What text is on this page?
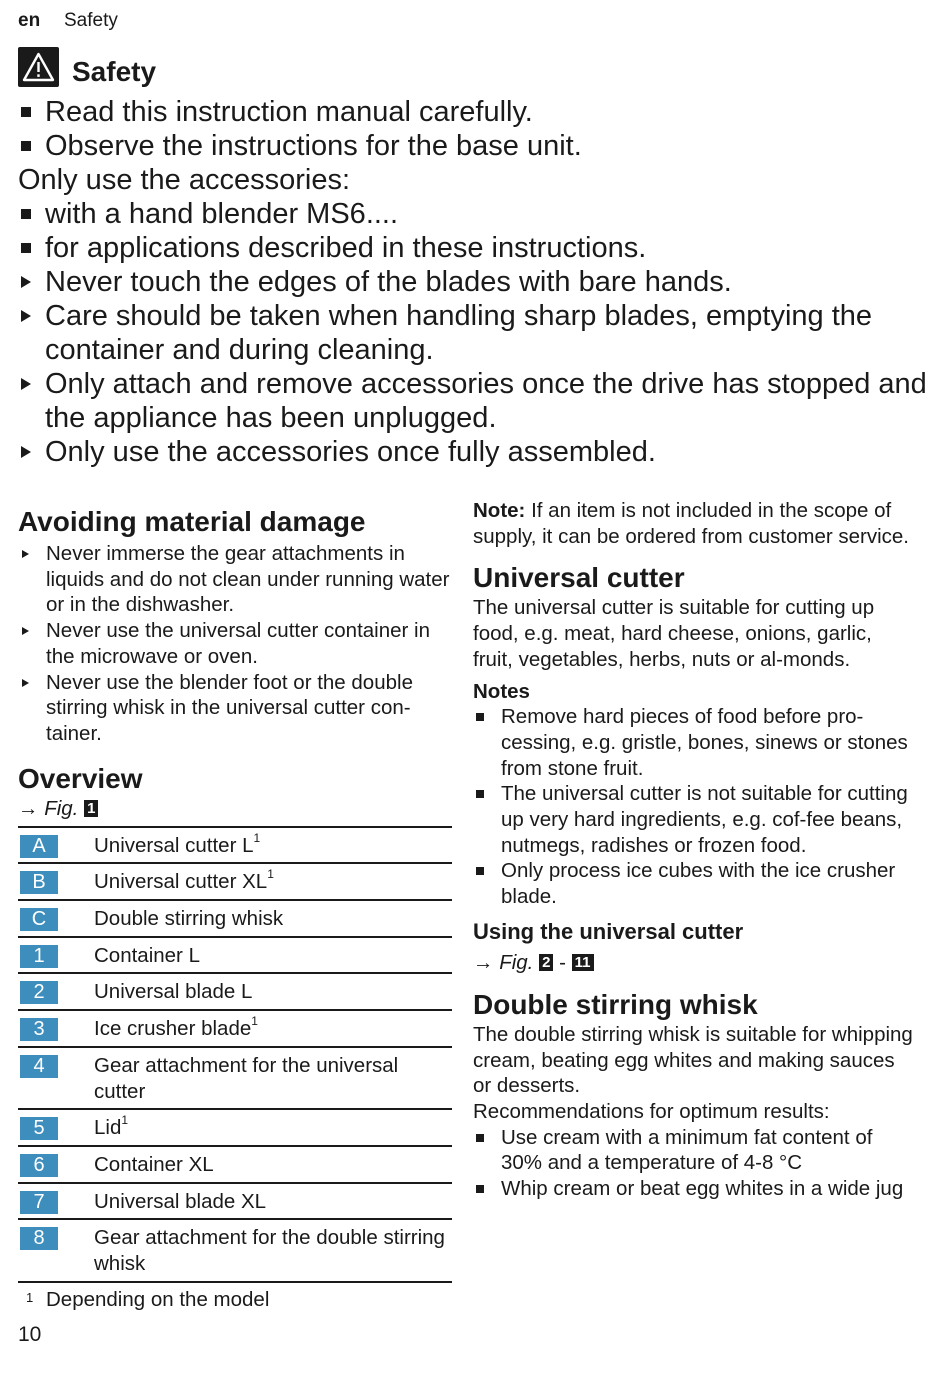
en Safety
Safety
Read this instruction manual carefully.
Observe the instructions for the base unit.
Only use the accessories:
with a hand blender MS6....
for applications described in these instructions.
Never touch the edges of the blades with bare hands.
Care should be taken when handling sharp blades, emptying the container and during cleaning.
Only attach and remove accessories once the drive has stopped and the appliance has been unplugged.
Only use the accessories once fully assembled.
Avoiding material damage
Never immerse the gear attachments in liquids and do not clean under running water or in the dishwasher.
Never use the universal cutter container in the microwave or oven.
Never use the blender foot or the double stirring whisk in the universal cutter con-tainer.
Overview
→ Fig. 1
A	Universal cutter $L^1$
B	Universal cutter $XL^1$
C	Double stirring whisk
1	Container L
2	Universal blade L
3	Ice crusher blade$^1$
4	Gear attachment for the universal cutter
5	Lid$^1$
6	Container XL
7	Universal blade XL
8	Gear attachment for the double stirring whisk
1 Depending on the model
Note: If an item is not included in the scope of supply, it can be ordered from customer service.
Universal cutter
The universal cutter is suitable for cutting up food, e.g. meat, hard cheese, onions, garlic, fruit, vegetables, herbs, nuts or al-monds.
Notes
Remove hard pieces of food before pro-cessing, e.g. gristle, bones, sinews or stones from stone fruit.
The universal cutter is not suitable for cutting up very hard ingredients, e.g. cof-fee beans, nutmegs, radishes or frozen food.
Only process ice cubes with the ice crusher blade.
Using the universal cutter
→ Fig. 2 - 11
Double stirring whisk
The double stirring whisk is suitable for whipping cream, beating egg whites and making sauces or desserts.
Recommendations for optimum results:
Use cream with a minimum fat content of 30% and a temperature of 4-8 °C
Whip cream or beat egg whites in a wide jug
10
